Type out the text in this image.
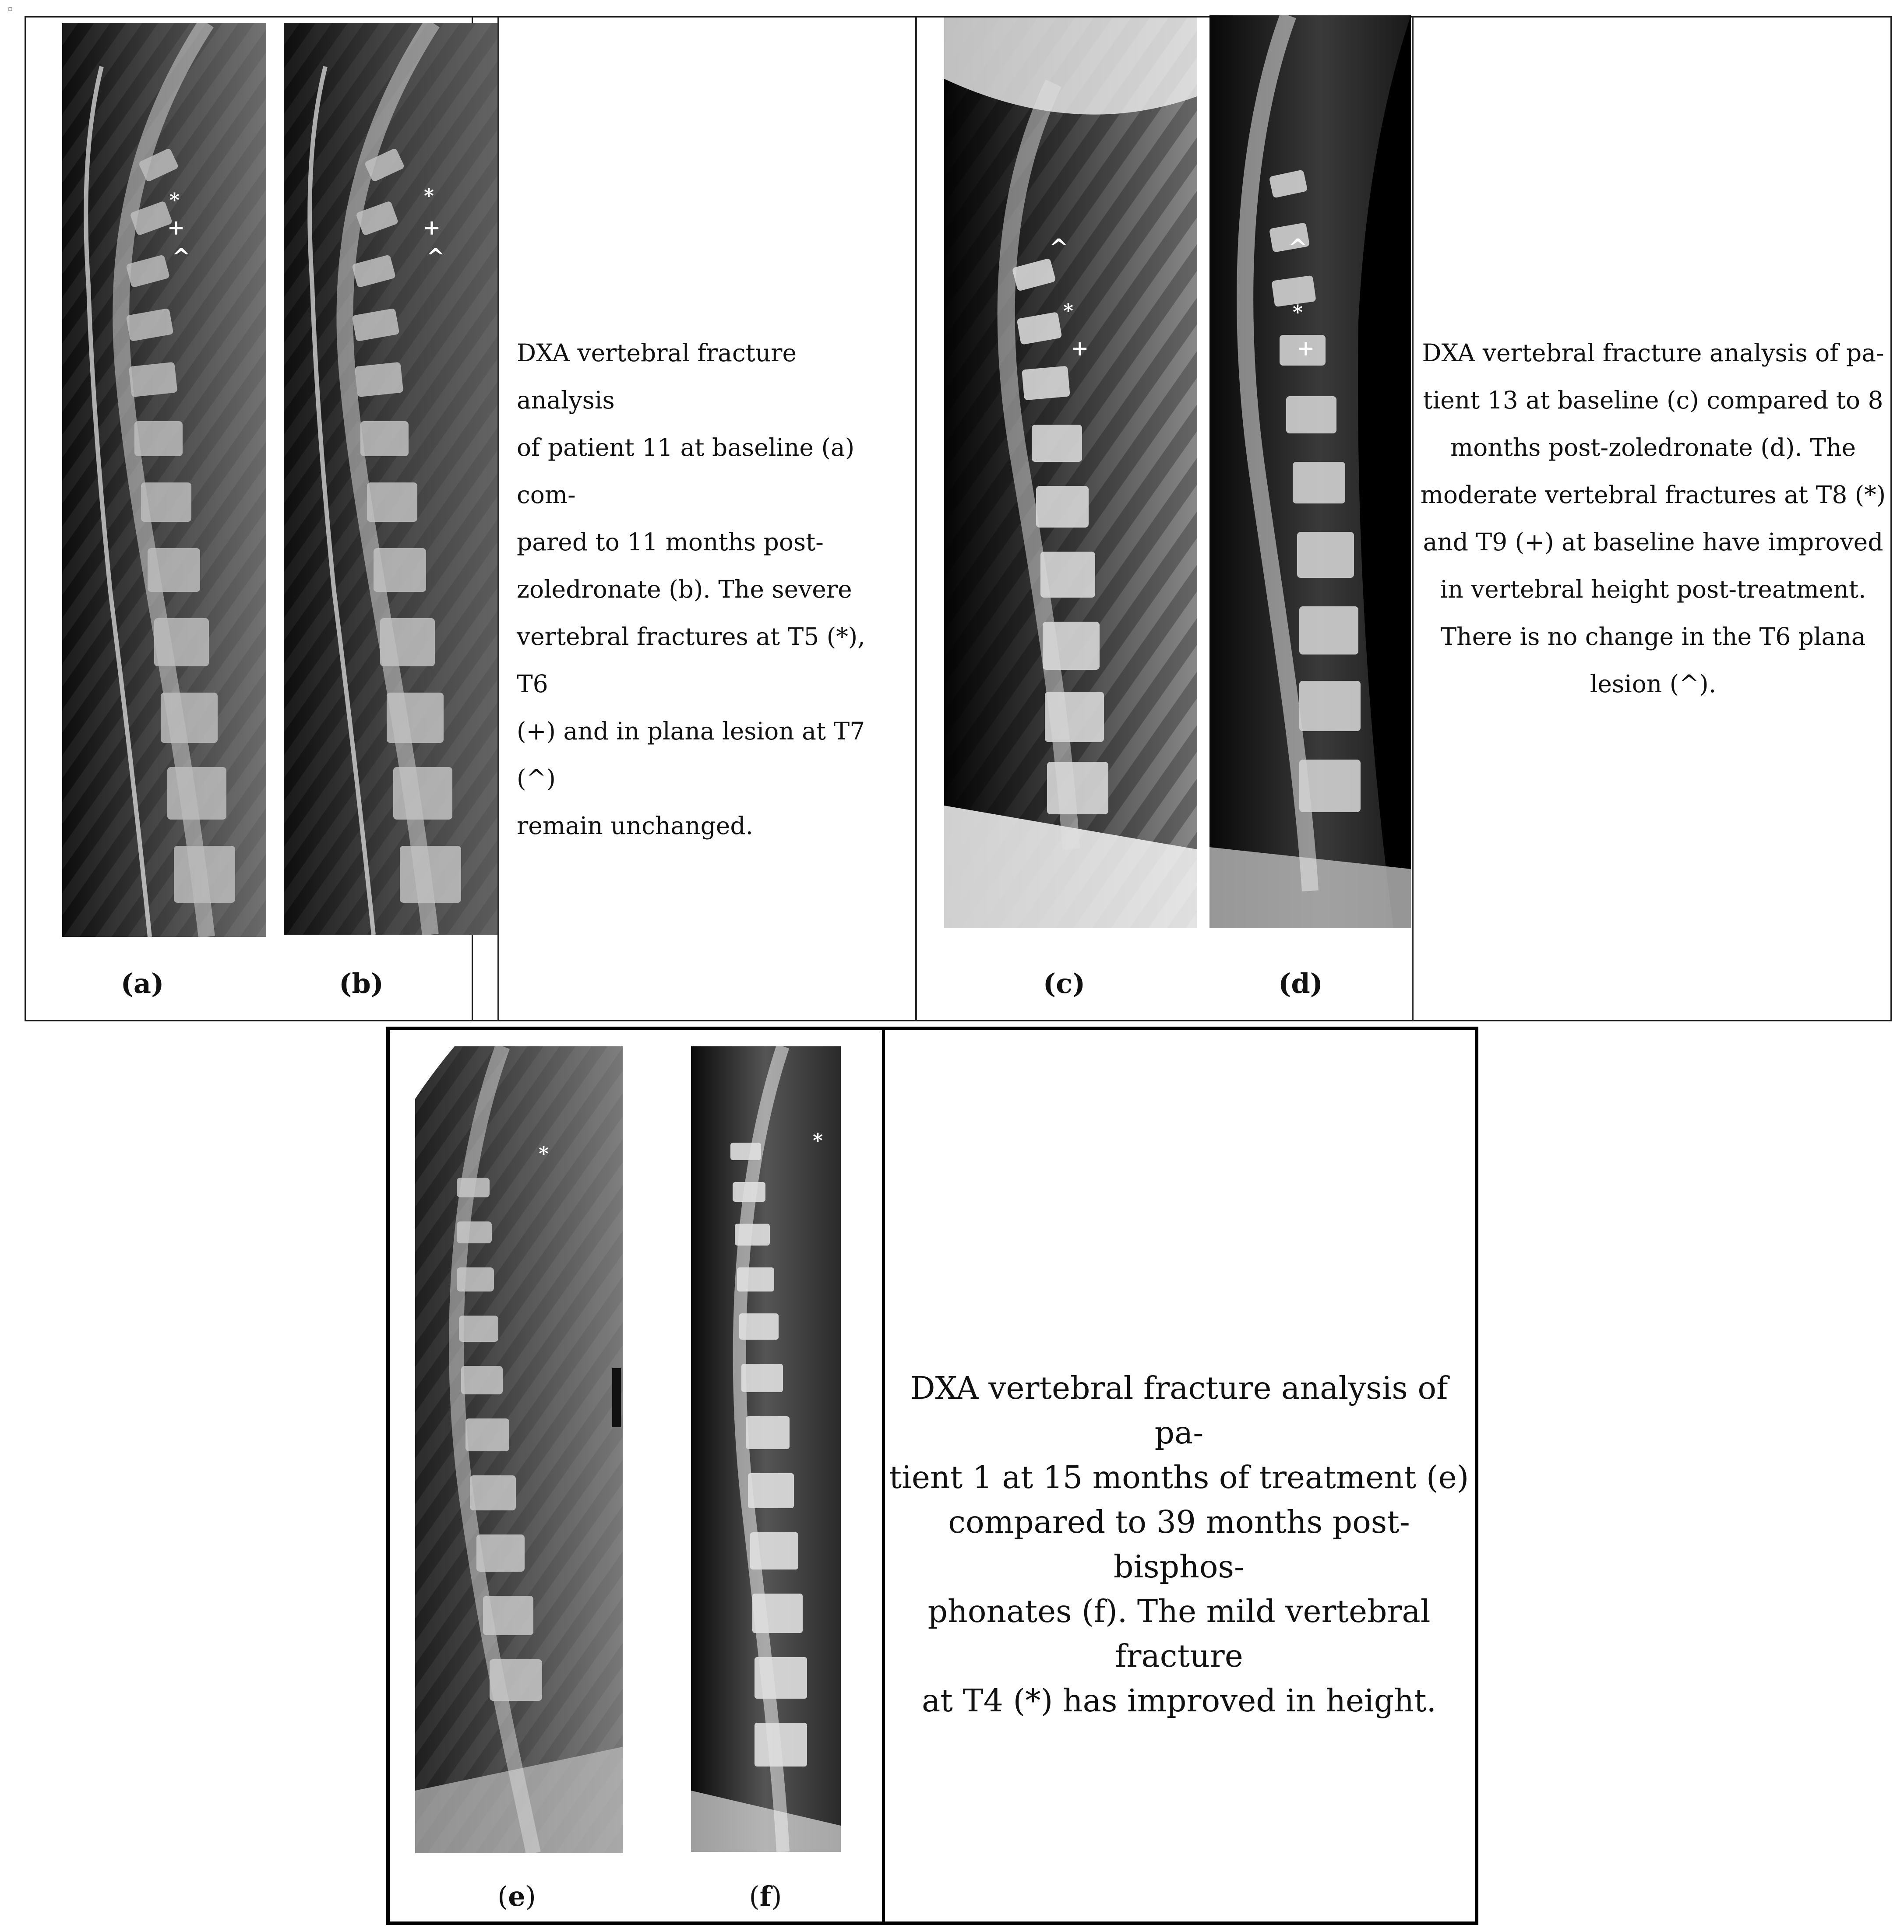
▫
*
+
^
*
+
^
(a)	(b)
DXA vertebral fracture analysis
of patient 11 at baseline (a) com-
pared to 11 months post-
zoledronate (b). The severe
vertebral fractures at T5 (*), T6
(+) and in plana lesion at T7 (^)
remain unchanged.
^
*
+
^
*
+
(c)	(d)
DXA vertebral fracture analysis of pa-
tient 13 at baseline (c) compared to 8
months post-zoledronate (d). The
moderate vertebral fractures at T8 (*)
and T9 (+) at baseline have improved
in vertebral height post-treatment.
There is no change in the T6 plana
lesion (^).
*
*
(e)	(f)
DXA vertebral fracture analysis of pa-
tient 1 at 15 months of treatment (e)
compared to 39 months post-bisphos-
phonates (f). The mild vertebral fracture
at T4 (*) has improved in height.
